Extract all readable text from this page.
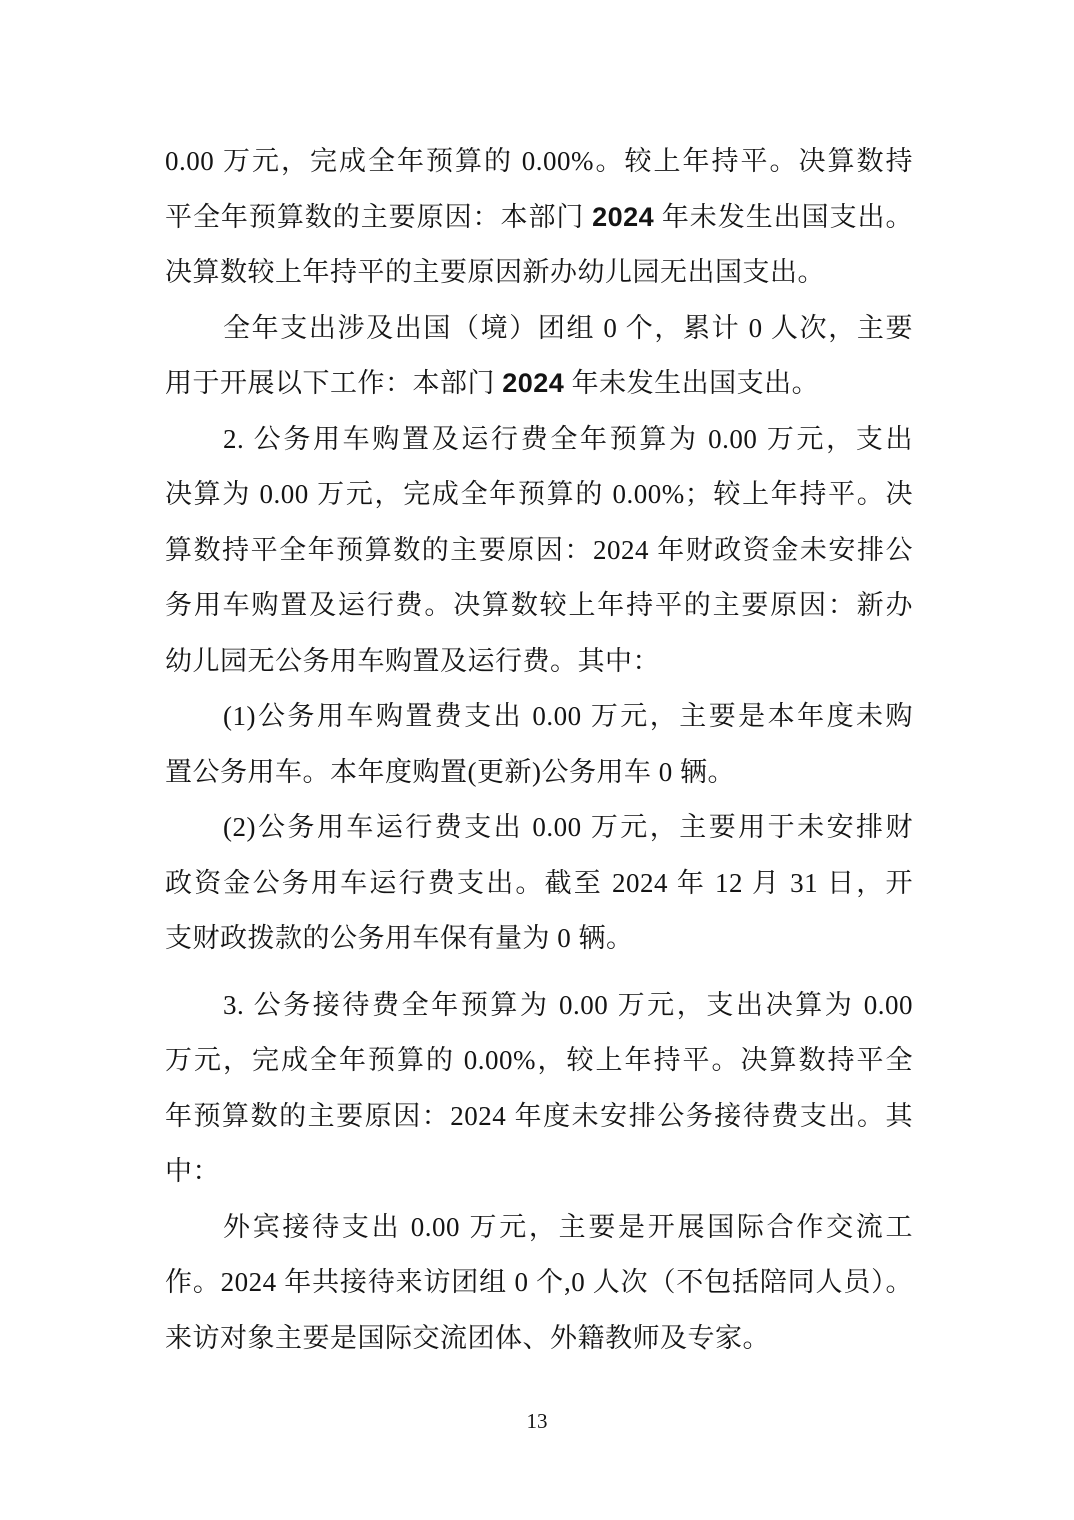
0.00 万元，完成全年预算的 0.00%。较上年持平。决算数持
平全年预算数的主要原因：本部门 2024 年未发生出国支出。
决算数较上年持平的主要原因新办幼儿园无出国支出。
全年支出涉及出国（境）团组 0 个，累计 0 人次，主要
用于开展以下工作：本部门 2024 年未发生出国支出。
2. 公务用车购置及运行费全年预算为 0.00 万元，支出
决算为 0.00 万元，完成全年预算的 0.00%；较上年持平。决
算数持平全年预算数的主要原因：2024 年财政资金未安排公
务用车购置及运行费。决算数较上年持平的主要原因：新办
幼儿园无公务用车购置及运行费。其中：
(1)公务用车购置费支出 0.00 万元，主要是本年度未购
置公务用车。本年度购置(更新)公务用车 0 辆。
(2)公务用车运行费支出 0.00 万元，主要用于未安排财
政资金公务用车运行费支出。截至 2024 年 12 月 31 日，开
支财政拨款的公务用车保有量为 0 辆。
3. 公务接待费全年预算为 0.00 万元，支出决算为 0.00
万元，完成全年预算的 0.00%，较上年持平。决算数持平全
年预算数的主要原因：2024 年度未安排公务接待费支出。其
中：
外宾接待支出 0.00 万元，主要是开展国际合作交流工
作。2024 年共接待来访团组 0 个,0 人次（不包括陪同人员）。
来访对象主要是国际交流团体、外籍教师及专家。
13
